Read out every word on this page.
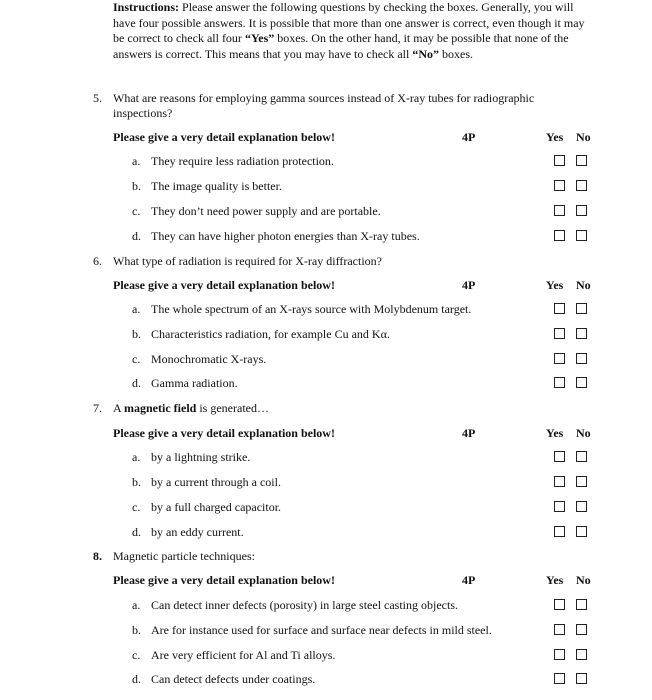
Instructions: Please answer the following questions by checking the boxes. Generally, you will have four possible answers. It is possible that more than one answer is correct, even though it may be correct to check all four “Yes” boxes. On the other hand, it may be possible that none of the answers is correct. This means that you may have to check all “No” boxes.
5. What are reasons for employing gamma sources instead of X-ray tubes for radiographic inspections?
Please give a very detail explanation below!	4P	Yes No
a. They require less radiation protection.
b. The image quality is better.
c. They don’t need power supply and are portable.
d. They can have higher photon energies than X-ray tubes.
6. What type of radiation is required for X-ray diffraction?
Please give a very detail explanation below!	4P	Yes No
a. The whole spectrum of an X-rays source with Molybdenum target.
b. Characteristics radiation, for example Cu and Kα.
c. Monochromatic X-rays.
d. Gamma radiation.
7. A magnetic field is generated…
Please give a very detail explanation below!	4P	Yes No
a. by a lightning strike.
b. by a current through a coil.
c. by a full charged capacitor.
d. by an eddy current.
8. Magnetic particle techniques:
Please give a very detail explanation below!	4P	Yes No
a. Can detect inner defects (porosity) in large steel casting objects.
b. Are for instance used for surface and surface near defects in mild steel.
c. Are very efficient for Al and Ti alloys.
d. Can detect defects under coatings.
